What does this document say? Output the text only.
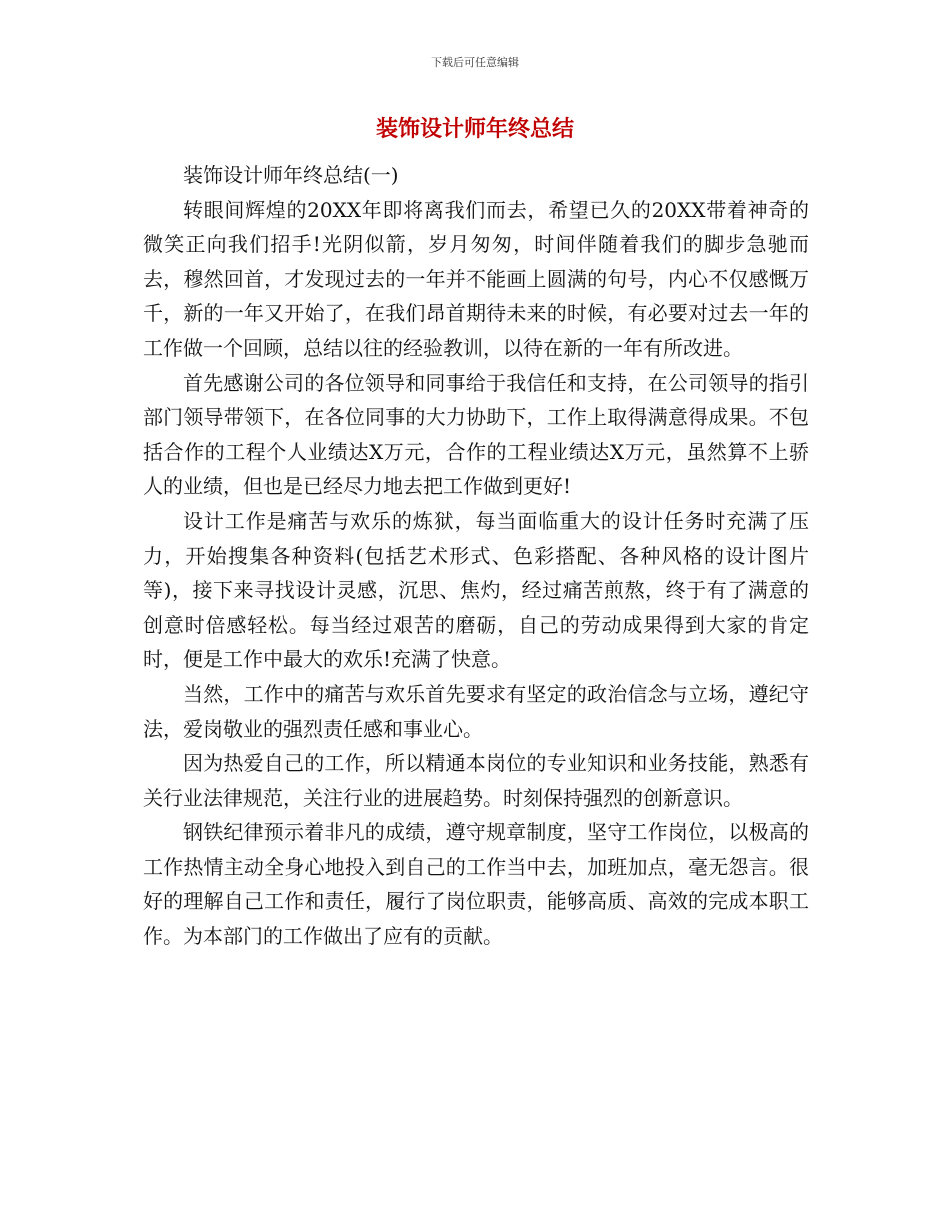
下载后可任意编辑
装饰设计师年终总结

装饰设计师年终总结(一)

转眼间辉煌的20XX年即将离我们而去，希望已久的20XX带着神奇的微笑正向我们招手!光阴似箭，岁月匆匆，时间伴随着我们的脚步急驰而去，穆然回首，才发现过去的一年并不能画上圆满的句号，内心不仅感慨万千，新的一年又开始了，在我们昂首期待未来的时候，有必要对过去一年的工作做一个回顾，总结以往的经验教训，以待在新的一年有所改进。

首先感谢公司的各位领导和同事给于我信任和支持，在公司领导的指引部门领导带领下，在各位同事的大力协助下，工作上取得满意得成果。不包括合作的工程个人业绩达X万元，合作的工程业绩达X万元，虽然算不上骄人的业绩，但也是已经尽力地去把工作做到更好!

设计工作是痛苦与欢乐的炼狱，每当面临重大的设计任务时充满了压力，开始搜集各种资料(包括艺术形式、色彩搭配、各种风格的设计图片等)，接下来寻找设计灵感，沉思、焦灼，经过痛苦煎熬，终于有了满意的创意时倍感轻松。每当经过艰苦的磨砺，自己的劳动成果得到大家的肯定时，便是工作中最大的欢乐!充满了快意。

当然，工作中的痛苦与欢乐首先要求有坚定的政治信念与立场，遵纪守法，爱岗敬业的强烈责任感和事业心。

因为热爱自己的工作，所以精通本岗位的专业知识和业务技能，熟悉有关行业法律规范，关注行业的进展趋势。时刻保持强烈的创新意识。

钢铁纪律预示着非凡的成绩，遵守规章制度，坚守工作岗位，以极高的工作热情主动全身心地投入到自己的工作当中去，加班加点，毫无怨言。很好的理解自己工作和责任，履行了岗位职责，能够高质、高效的完成本职工作。为本部门的工作做出了应有的贡献。
